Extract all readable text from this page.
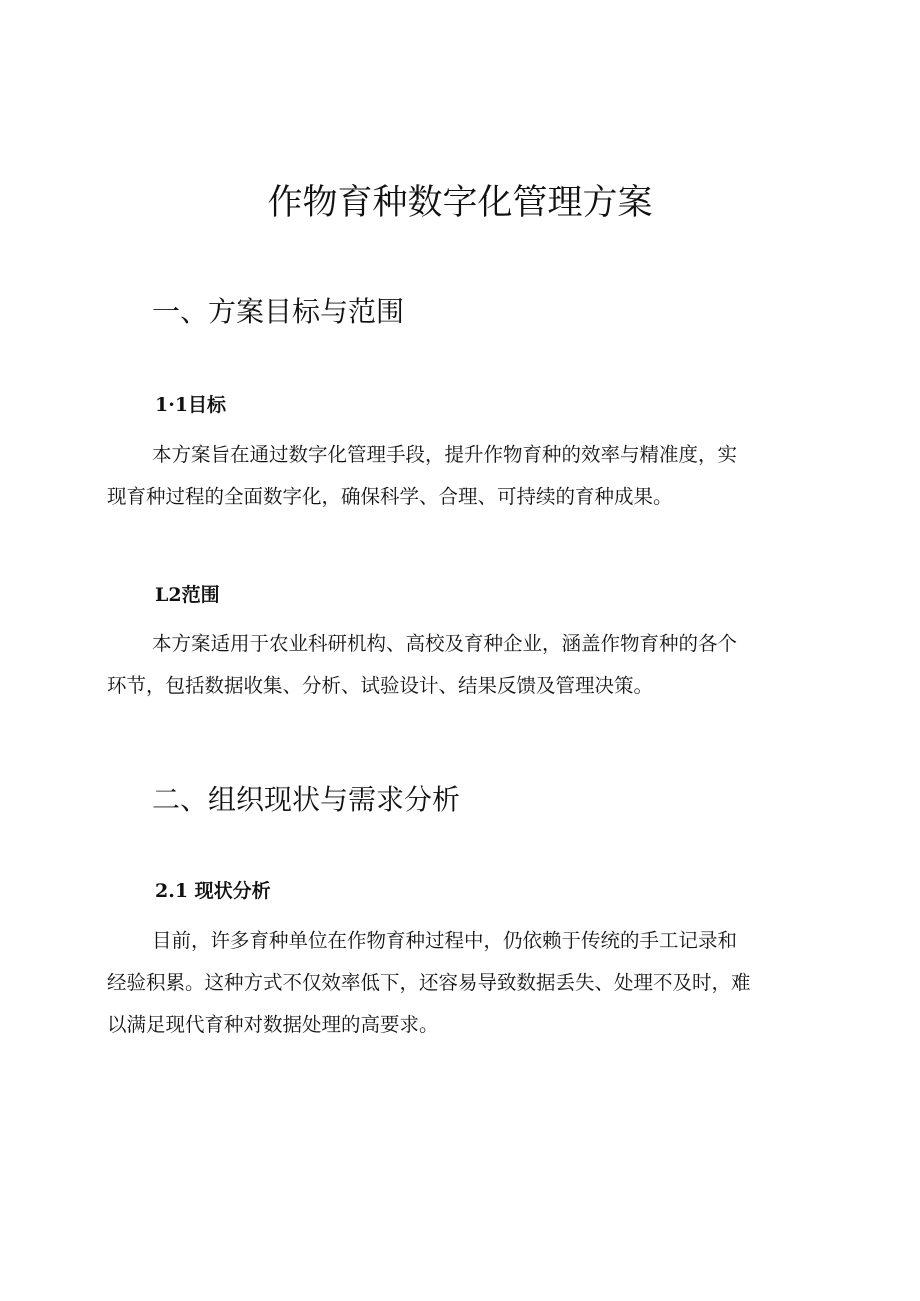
作物育种数字化管理方案
一、方案目标与范围
1·1目标

本方案旨在通过数字化管理手段，提升作物育种的效率与精准度，实
现育种过程的全面数字化，确保科学、合理、可持续的育种成果。

L2范围

本方案适用于农业科研机构、高校及育种企业，涵盖作物育种的各个
环节，包括数据收集、分析、试验设计、结果反馈及管理决策。

二、组织现状与需求分析
2.1 现状分析

目前，许多育种单位在作物育种过程中，仍依赖于传统的手工记录和
经验积累。这种方式不仅效率低下，还容易导致数据丢失、处理不及时，难
以满足现代育种对数据处理的高要求。
